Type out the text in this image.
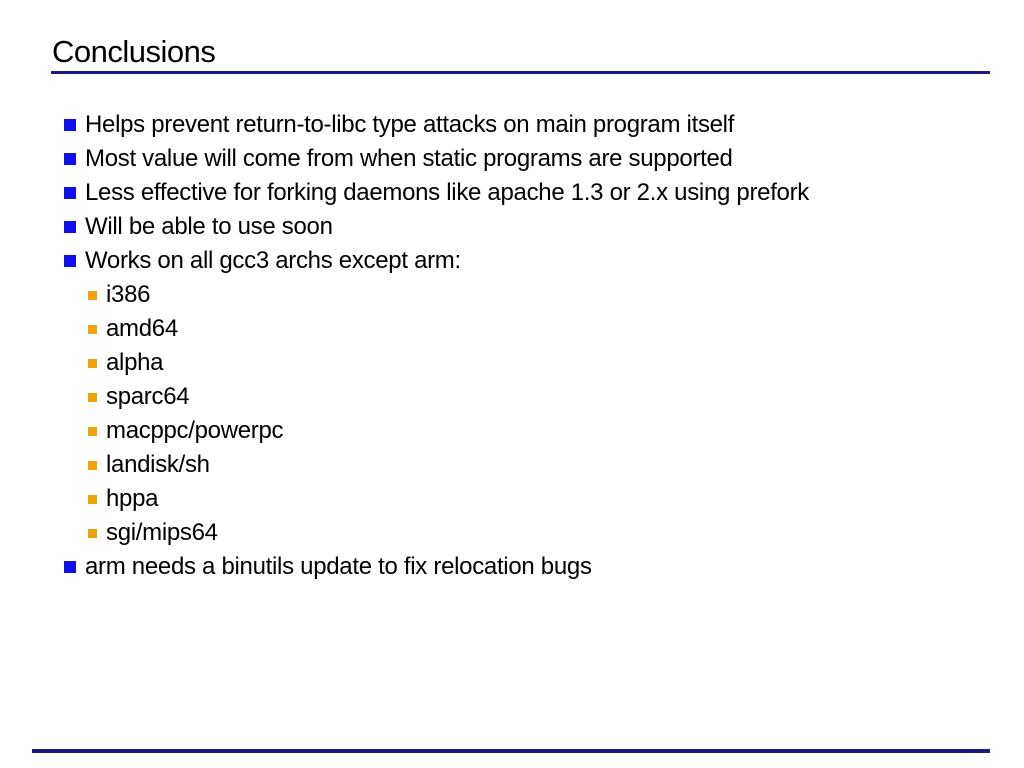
Conclusions
Helps prevent return-to-libc type attacks on main program itself
Most value will come from when static programs are supported
Less effective for forking daemons like apache 1.3 or 2.x using prefork
Will be able to use soon
Works on all gcc3 archs except arm:
i386
amd64
alpha
sparc64
macppc/powerpc
landisk/sh
hppa
sgi/mips64
arm needs a binutils update to fix relocation bugs
